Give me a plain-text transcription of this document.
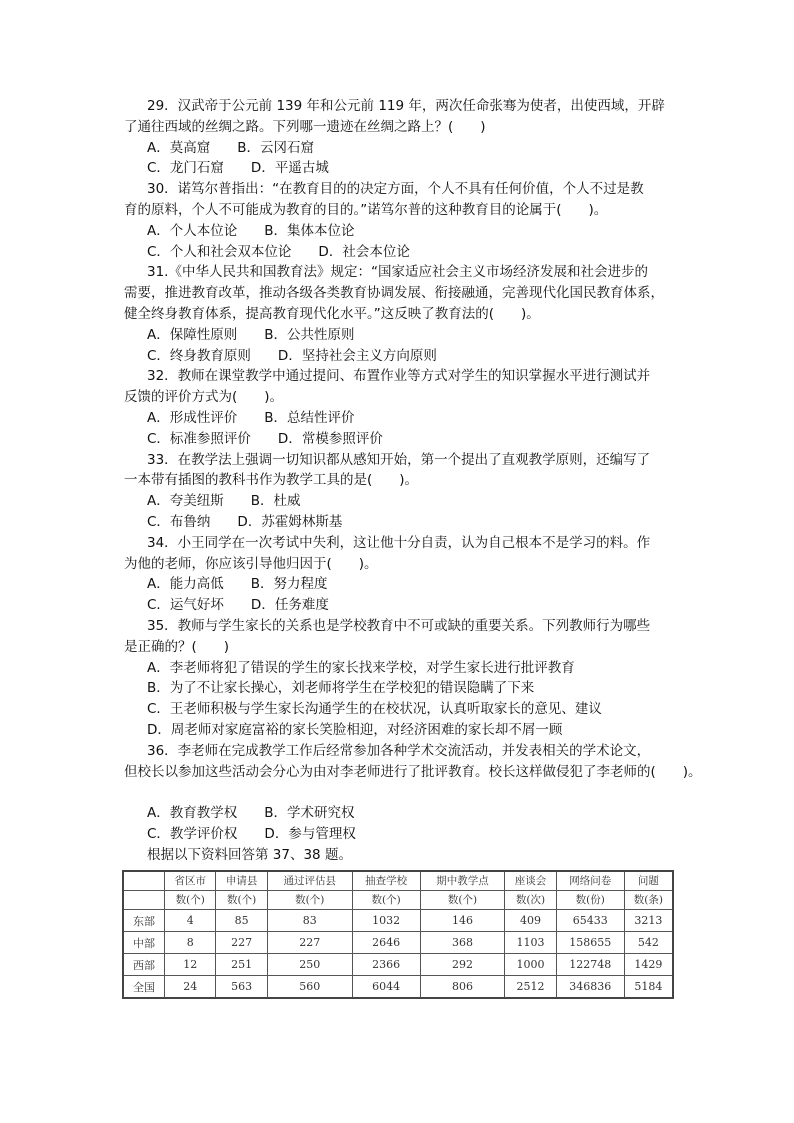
29．汉武帝于公元前 139 年和公元前 119 年，两次任命张骞为使者，出使西域，开辟
了通往西域的丝绸之路。下列哪一遗迹在丝绸之路上？(　　)
A．莫高窟　　B．云冈石窟
C．龙门石窟　　D．平遥古城
30．诺笃尔普指出：“在教育目的的决定方面，个人不具有任何价值，个人不过是教
育的原料，个人不可能成为教育的目的。”诺笃尔普的这种教育目的论属于(　　)。
A．个人本位论　　B．集体本位论
C．个人和社会双本位论　　D．社会本位论
31.《中华人民共和国教育法》规定：“国家适应社会主义市场经济发展和社会进步的
需要，推进教育改革，推动各级各类教育协调发展、衔接融通，完善现代化国民教育体系，
健全终身教育体系，提高教育现代化水平。”这反映了教育法的(　　)。
A．保障性原则　　B．公共性原则
C．终身教育原则　　D．坚持社会主义方向原则
32．教师在课堂教学中通过提问、布置作业等方式对学生的知识掌握水平进行测试并
反馈的评价方式为(　　)。
A．形成性评价　　B．总结性评价
C．标准参照评价　　D．常模参照评价
33．在教学法上强调一切知识都从感知开始，第一个提出了直观教学原则，还编写了
一本带有插图的教科书作为教学工具的是(　　)。
A．夸美纽斯　　B．杜威
C．布鲁纳　　D．苏霍姆林斯基
34．小王同学在一次考试中失利，这让他十分自责，认为自己根本不是学习的料。作
为他的老师，你应该引导他归因于(　　)。
A．能力高低　　B．努力程度
C．运气好坏　　D．任务难度
35．教师与学生家长的关系也是学校教育中不可或缺的重要关系。下列教师行为哪些
是正确的？(　　)
A．李老师将犯了错误的学生的家长找来学校，对学生家长进行批评教育
B．为了不让家长操心，刘老师将学生在学校犯的错误隐瞒了下来
C．王老师积极与学生家长沟通学生的在校状况，认真听取家长的意见、建议
D．周老师对家庭富裕的家长笑脸相迎，对经济困难的家长却不屑一顾
36．李老师在完成教学工作后经常参加各种学术交流活动，并发表相关的学术论文，
但校长以参加这些活动会分心为由对李老师进行了批评教育。校长这样做侵犯了李老师的(　　)。
A．教育教学权　　B．学术研究权
C．教学评价权　　D．参与管理权
根据以下资料回答第 37、38 题。
	省区市	申请县	通过评估县	抽查学校	期中教学点	座谈会	网络问卷	问题
	数(个)	数(个)	数(个)	数(个)	数(个)	数(次)	数(份)	数(条)
东部	4	85	83	1032	146	409	65433	3213
中部	8	227	227	2646	368	1103	158655	542
西部	12	251	250	2366	292	1000	122748	1429
全国	24	563	560	6044	806	2512	346836	5184
